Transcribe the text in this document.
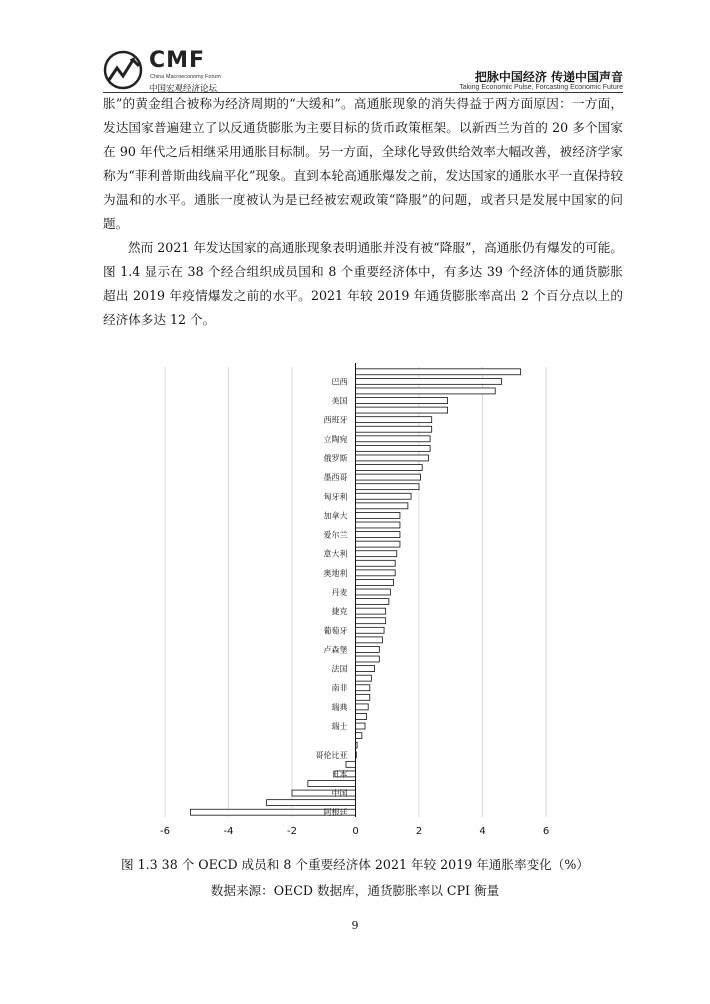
CMF
China Macroeconomy Forum
中国宏观经济论坛
把脉中国经济 传递中国声音
Taking Economic Pulse, Forcasting Economic Future

胀”的黄金组合被称为经济周期的“大缓和”。高通胀现象的消失得益于两方面原因：一方面，发达国家普遍建立了以反通货膨胀为主要目标的货币政策框架。以新西兰为首的 20 多个国家在 90 年代之后相继采用通胀目标制。另一方面，全球化导致供给效率大幅改善，被经济学家称为“菲利普斯曲线扁平化”现象。直到本轮高通胀爆发之前，发达国家的通胀水平一直保持较为温和的水平。通胀一度被认为是已经被宏观政策“降服”的问题，或者只是发展中国家的问题。

然而 2021 年发达国家的高通胀现象表明通胀并没有被“降服”，高通胀仍有爆发的可能。图 1.4 显示在 38 个经合组织成员国和 8 个重要经济体中，有多达 39 个经济体的通货膨胀超出 2019 年疫情爆发之前的水平。2021 年较 2019 年通货膨胀率高出 2 个百分点以上的经济体多达 12 个。

巴西
美国
西班牙
立陶宛
俄罗斯
墨西哥
匈牙利
加拿大
爱尔兰
意大利
奥地利
丹麦
捷克
葡萄牙
卢森堡
法国
南非
瑞典
瑞士
哥伦比亚
日本
中国
阿根廷
-6	-4	-2	0	2	4	6
图 1.3 38 个 OECD 成员和 8 个重要经济体 2021 年较 2019 年通胀率变化（%）
数据来源：OECD 数据库，通货膨胀率以 CPI 衡量
9
